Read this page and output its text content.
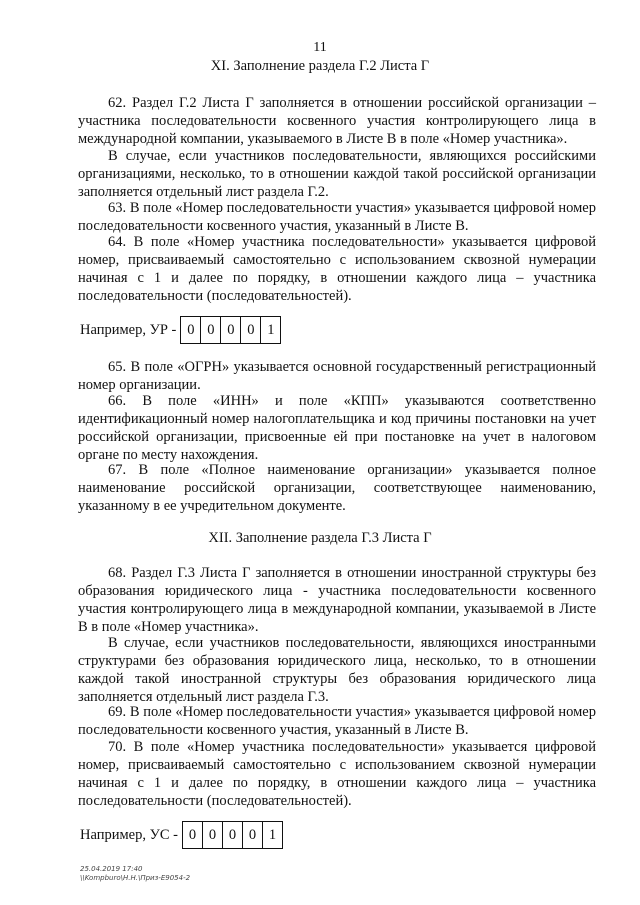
11
XI. Заполнение раздела Г.2 Листа Г

62. Раздел Г.2 Листа Г заполняется в отношении российской организации – участника последовательности косвенного участия контролирующего лица в международной компании, указываемого в Листе В в поле «Номер участника».

В случае, если участников последовательности, являющихся российскими организациями, несколько, то в отношении каждой такой российской организации заполняется отдельный лист раздела Г.2.

63. В поле «Номер последовательности участия» указывается цифровой номер последовательности косвенного участия, указанный в Листе В.

64. В поле «Номер участника последовательности» указывается цифровой номер, присваиваемый самостоятельно с использованием сквозной нумерации начиная с 1 и далее по порядку, в отношении каждого лица – участника последовательности (последовательностей).

Например, УР - 0 0 0 0 1

65. В поле «ОГРН» указывается основной государственный регистрационный номер организации.

66. В поле «ИНН» и поле «КПП» указываются соответственно идентификационный номер налогоплательщика и код причины постановки на учет российской организации, присвоенные ей при постановке на учет в налоговом органе по месту нахождения.

67. В поле «Полное наименование организации» указывается полное наименование российской организации, соответствующее наименованию, указанному в ее учредительном документе.

XII. Заполнение раздела Г.3 Листа Г

68. Раздел Г.3 Листа Г заполняется в отношении иностранной структуры без образования юридического лица - участника последовательности косвенного участия контролирующего лица в международной компании, указываемой в Листе В в поле «Номер участника».

В случае, если участников последовательности, являющихся иностранными структурами без образования юридического лица, несколько, то в отношении каждой такой иностранной структуры без образования юридического лица заполняется отдельный лист раздела Г.3.

69. В поле «Номер последовательности участия» указывается цифровой номер последовательности косвенного участия, указанный в Листе В.

70. В поле «Номер участника последовательности» указывается цифровой номер, присваиваемый самостоятельно с использованием сквозной нумерации начиная с 1 и далее по порядку, в отношении каждого лица – участника последовательности (последовательностей).

Например, УС - 0 0 0 0 1
25.04.2019 17:40
\\Kompburo\Н.Н.\Приз-Е9054-2
